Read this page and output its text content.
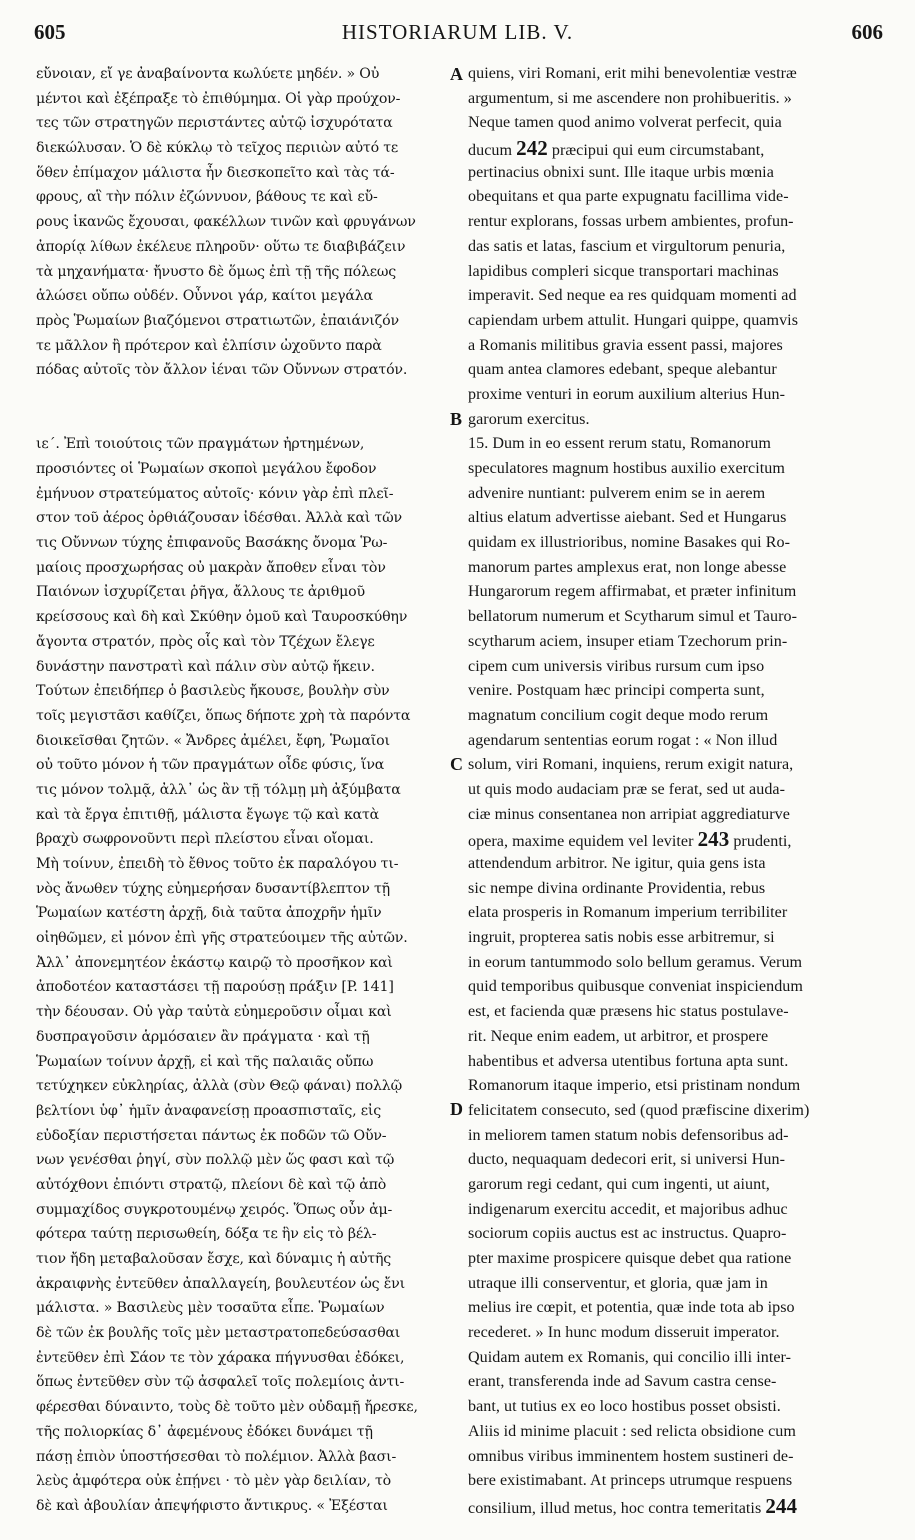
605	HISTORIARUM LIB. V.	606
εὔνοιαν, εἴ γε ἀναβαίνοντα κωλύετε μηδέν. » Οὐ
μέντοι καὶ ἐξέπραξε τὸ ἐπιθύμημα. Οἱ γὰρ προύχον-
τες τῶν στρατηγῶν περιστάντες αὐτῷ ἰσχυρότατα
διεκώλυσαν. Ὁ δὲ κύκλῳ τὸ τεῖχος περιιὼν αὐτό τε
ὅθεν ἐπίμαχον μάλιστα ἦν διεσκοπεῖτο καὶ τὰς τά-
φρους, αἳ τὴν πόλιν ἐζώννυον, βάθους τε καὶ εὔ-
ρους ἱκανῶς ἔχουσαι, φακέλλων τινῶν καὶ φρυγάνων
ἀπορίᾳ λίθων ἐκέλευε πληροῦν· οὕτω τε διαβιβάζειν
τὰ μηχανήματα· ἤνυστο δὲ ὅμως ἐπὶ τῇ τῆς πόλεως
ἁλώσει οὔπω οὐδέν. Οὖννοι γάρ, καίτοι μεγάλα
πρὸς Ῥωμαίων βιαζόμενοι στρατιωτῶν, ἐπαιάνιζόν
τε μᾶλλον ἢ πρότερον καὶ ἐλπίσιν ὠχοῦντο παρὰ
πόδας αὐτοῖς τὸν ἄλλον ἰέναι τῶν Οὔννων στρατόν.
ιε΄. Ἐπὶ τοιούτοις τῶν πραγμάτων ἠρτημένων,
προσιόντες οἱ Ῥωμαίων σκοποὶ μεγάλου ἔφοδον
ἐμήνυον στρατεύματος αὐτοῖς· κόνιν γὰρ ἐπὶ πλεῖ-
στον τοῦ ἀέρος ὀρθιάζουσαν ἰδέσθαι. Ἀλλὰ καὶ τῶν
τις Οὔννων τύχης ἐπιφανοῦς Βασάκης ὄνομα Ῥω-
μαίοις προσχωρήσας οὐ μακρὰν ἄποθεν εἶναι τὸν
Παιόνων ἰσχυρίζεται ῥῆγα, ἄλλους τε ἀριθμοῦ
κρείσσους καὶ δὴ καὶ Σκύθην ὁμοῦ καὶ Ταυροσκύθην
ἄγοντα στρατόν, πρὸς οἷς καὶ τὸν Τζέχων ἔλεγε
δυνάστην πανστρατὶ καὶ πάλιν σὺν αὐτῷ ἥκειν.
Τούτων ἐπειδήπερ ὁ βασιλεὺς ἤκουσε, βουλὴν σὺν
τοῖς μεγιστᾶσι καθίζει, ὅπως δήποτε χρὴ τὰ παρόντα
διοικεῖσθαι ζητῶν. « Ἄνδρες ἀμέλει, ἔφη, Ῥωμαῖοι
οὐ τοῦτο μόνον ἡ τῶν πραγμάτων οἶδε φύσις, ἵνα
τις μόνον τολμᾷ, ἀλλ᾽ ὡς ἂν τῇ τόλμῃ μὴ ἀξύμβατα
καὶ τὰ ἔργα ἐπιτιθῇ, μάλιστα ἔγωγε τῷ καὶ κατὰ
βραχὺ σωφρονοῦντι περὶ πλείστου εἶναι οἴομαι.
Μὴ τοίνυν, ἐπειδὴ τὸ ἔθνος τοῦτο ἐκ παραλόγου τι-
νὸς ἄνωθεν τύχης εὐημερήσαν δυσαντίβλεπτον τῇ
Ῥωμαίων κατέστη ἀρχῇ, διὰ ταῦτα ἀποχρῆν ἡμῖν
οἰηθῶμεν, εἰ μόνον ἐπὶ γῆς στρατεύοιμεν τῆς αὐτῶν.
Ἀλλ᾽ ἀπονεμητέον ἑκάστῳ καιρῷ τὸ προσῆκον καὶ
ἀποδοτέον καταστάσει τῇ παρούσῃ πράξιν [P. 141]
τὴν δέουσαν. Οὐ γὰρ ταὐτὰ εὐημεροῦσιν οἶμαι καὶ
δυσπραγοῦσιν ἁρμόσαιεν ἂν πράγματα · καὶ τῇ
Ῥωμαίων τοίνυν ἀρχῇ, εἰ καὶ τῆς παλαιᾶς οὔπω
τετύχηκεν εὐκληρίας, ἀλλὰ (σὺν Θεῷ φάναι) πολλῷ
βελτίονι ὑφ᾽ ἡμῖν ἀναφανείσῃ προασπισταῖς, εἰς
εὐδοξίαν περιστήσεται πάντως ἐκ ποδῶν τῶ Οὔν-
νων γενέσθαι ῥηγί, σὺν πολλῷ μὲν ὥς φασι καὶ τῷ
αὐτόχθονι ἐπιόντι στρατῷ, πλείονι δὲ καὶ τῷ ἀπὸ
συμμαχίδος συγκροτουμένῳ χειρός. Ὅπως οὖν ἀμ-
φότερα ταύτῃ περισωθείη, δόξα τε ἣν εἰς τὸ βέλ-
τιον ἤδη μεταβαλοῦσαν ἔσχε, καὶ δύναμις ἡ αὐτῆς
ἀκραιφνὴς ἐντεῦθεν ἀπαλλαγείη, βουλευτέον ὡς ἔνι
μάλιστα. » Βασιλεὺς μὲν τοσαῦτα εἶπε. Ῥωμαίων
δὲ τῶν ἐκ βουλῆς τοῖς μὲν μεταστρατοπεδεύσασθαι
ἐντεῦθεν ἐπὶ Σάον τε τὸν χάρακα πήγνυσθαι ἐδόκει,
ὅπως ἐντεῦθεν σὺν τῷ ἀσφαλεῖ τοῖς πολεμίοις ἀντι-
φέρεσθαι δύναιντο, τοὺς δὲ τοῦτο μὲν οὐδαμῇ ἤρεσκε,
τῆς πολιορκίας δ᾽ ἀφεμένους ἐδόκει δυνάμει τῇ
πάσῃ ἐπιὸν ὑποστήσεσθαι τὸ πολέμιον. Ἀλλὰ βασι-
λεὺς ἀμφότερα οὐκ ἐπῄνει · τὸ μὲν γὰρ δειλίαν, τὸ
δὲ καὶ ἀβουλίαν ἀπεψήφιστο ἄντικρυς. « Ἐξέσται
quiens, viri Romani, erit mihi benevolentiæ vestræ
argumentum, si me ascendere non prohibueritis. »
Neque tamen quod animo volverat perfecit, quia
ducum 242 præcipui qui eum circumstabant,
pertinacius obnixi sunt. Ille itaque urbis mœnia
obequitans et qua parte expugnatu facillima vide-
rentur explorans, fossas urbem ambientes, profun-
das satis et latas, fascium et virgultorum penuria,
lapidibus compleri sicque transportari machinas
imperavit. Sed neque ea res quidquam momenti ad
capiendam urbem attulit. Hungari quippe, quamvis
a Romanis militibus gravia essent passi, majores
quam antea clamores edebant, speque alebantur
proxime venturi in eorum auxilium alterius Hun-
garorum exercitus.
15. Dum in eo essent rerum statu, Romanorum
speculatores magnum hostibus auxilio exercitum
advenire nuntiant: pulverem enim se in aerem
altius elatum advertisse aiebant. Sed et Hungarus
quidam ex illustrioribus, nomine Basakes qui Ro-
manorum partes amplexus erat, non longe abesse
Hungarorum regem affirmabat, et præter infinitum
bellatorum numerum et Scytharum simul et Tauro-
scytharum aciem, insuper etiam Tzechorum prin-
cipem cum universis viribus rursum cum ipso
venire. Postquam hæc principi comperta sunt,
magnatum concilium cogit deque modo rerum
agendarum sententias eorum rogat : « Non illud
solum, viri Romani, inquiens, rerum exigit natura,
ut quis modo audaciam præ se ferat, sed ut auda-
ciæ minus consentanea non arripiat aggrediaturve
opera, maxime equidem vel leviter 243 prudenti,
attendendum arbitror. Ne igitur, quia gens ista
sic nempe divina ordinante Providentia, rebus
elata prosperis in Romanum imperium terribiliter
ingruit, propterea satis nobis esse arbitremur, si
in eorum tantummodo solo bellum geramus. Verum
quid temporibus quibusque conveniat inspiciendum
est, et facienda quæ præsens hic status postulave-
rit. Neque enim eadem, ut arbitror, et prospere
habentibus et adversa utentibus fortuna apta sunt.
Romanorum itaque imperio, etsi pristinam nondum
felicitatem consecuto, sed (quod præfiscine dixerim)
in meliorem tamen statum nobis defensoribus ad-
ducto, nequaquam dedecori erit, si universi Hun-
garorum regi cedant, qui cum ingenti, ut aiunt,
indigenarum exercitu accedit, et majoribus adhuc
sociorum copiis auctus est ac instructus. Quapro-
pter maxime prospicere quisque debet qua ratione
utraque illi conserventur, et gloria, quæ jam in
melius ire cœpit, et potentia, quæ inde tota ab ipso
recederet. » In hunc modum disseruit imperator.
Quidam autem ex Romanis, qui concilio illi inter-
erant, transferenda inde ad Savum castra cense-
bant, ut tutius ex eo loco hostibus posset obsisti.
Aliis id minime placuit : sed relicta obsidione cum
omnibus viribus imminentem hostem sustineri de-
bere existimabant. At princeps utrumque respuens
consilium, illud metus, hoc contra temeritatis 244
A
B
C
D
